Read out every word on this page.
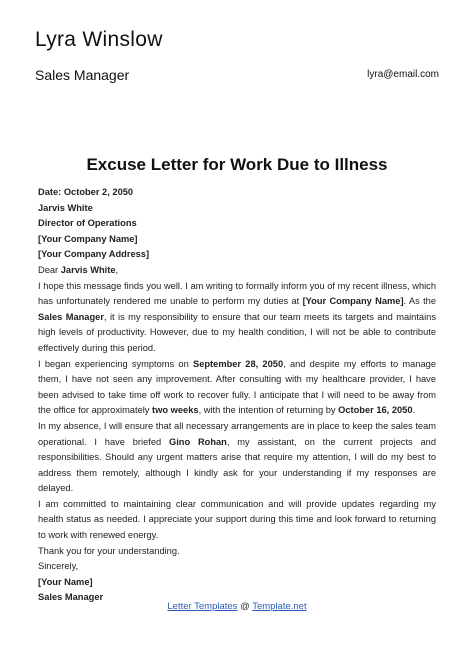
Lyra Winslow
Sales Manager	lyra@email.com
Excuse Letter for Work Due to Illness
Date: October 2, 2050
Jarvis White
Director of Operations
[Your Company Name]
[Your Company Address]
Dear Jarvis White,
I hope this message finds you well. I am writing to formally inform you of my recent illness, which has unfortunately rendered me unable to perform my duties at [Your Company Name]. As the Sales Manager, it is my responsibility to ensure that our team meets its targets and maintains high levels of productivity. However, due to my health condition, I will not be able to contribute effectively during this period.
I began experiencing symptoms on September 28, 2050, and despite my efforts to manage them, I have not seen any improvement. After consulting with my healthcare provider, I have been advised to take time off work to recover fully. I anticipate that I will need to be away from the office for approximately two weeks, with the intention of returning by October 16, 2050.
In my absence, I will ensure that all necessary arrangements are in place to keep the sales team operational. I have briefed Gino Rohan, my assistant, on the current projects and responsibilities. Should any urgent matters arise that require my attention, I will do my best to address them remotely, although I kindly ask for your understanding if my responses are delayed.
I am committed to maintaining clear communication and will provide updates regarding my health status as needed. I appreciate your support during this time and look forward to returning to work with renewed energy.
Thank you for your understanding.
Sincerely,
[Your Name]
Sales Manager
Letter Templates @ Template.net
